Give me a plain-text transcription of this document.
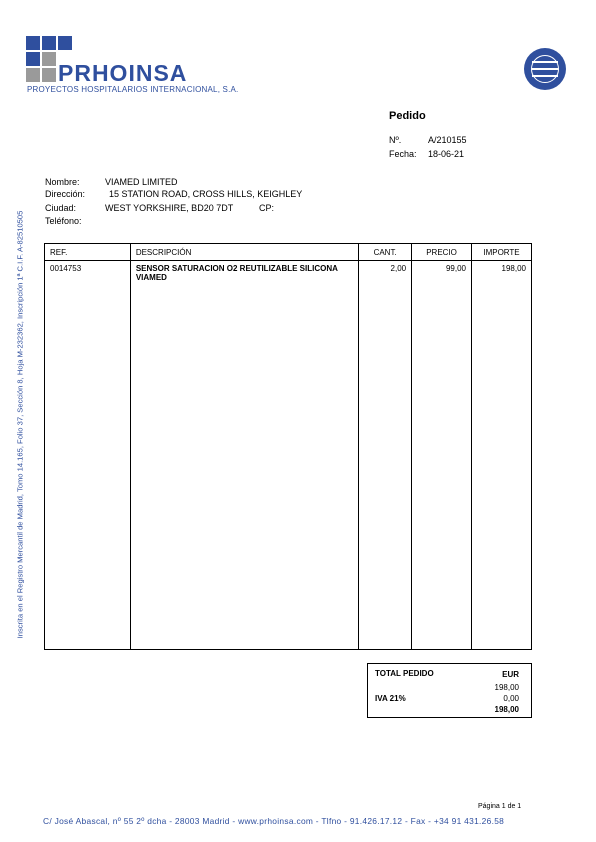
PRHOINSA
PROYECTOS HOSPITALARIOS INTERNACIONAL, S.A.
Inscrita en el Registro Mercantil de Madrid, Tomo 14.165, Folio 37, Sección 8, Hoja M-232362, Inscripción 1ª C.I.F. A-82510505
Pedido
Nº.	A/210155
Fecha: 18-06-21
Nombre:	VIAMED LIMITED
Dirección:	15 STATION ROAD, CROSS HILLS, KEIGHLEY
Ciudad:	WEST YORKSHIRE, BD20 7DT	CP:
Teléfono:
REF.	DESCRIPCIÓN	CANT.	PRECIO	IMPORTE
0014753	SENSOR SATURACION O2 REUTILIZABLE SILICONA VIAMED	2,00	99,00	198,00
TOTAL PEDIDO	EUR
198,00
IVA 21%	0,00
198,00
Página 1 de 1
C/ José Abascal, nº 55 2º dcha - 28003 Madrid - www.prhoinsa.com - Tlfno - 91.426.17.12 - Fax - +34 91 431.26.58
